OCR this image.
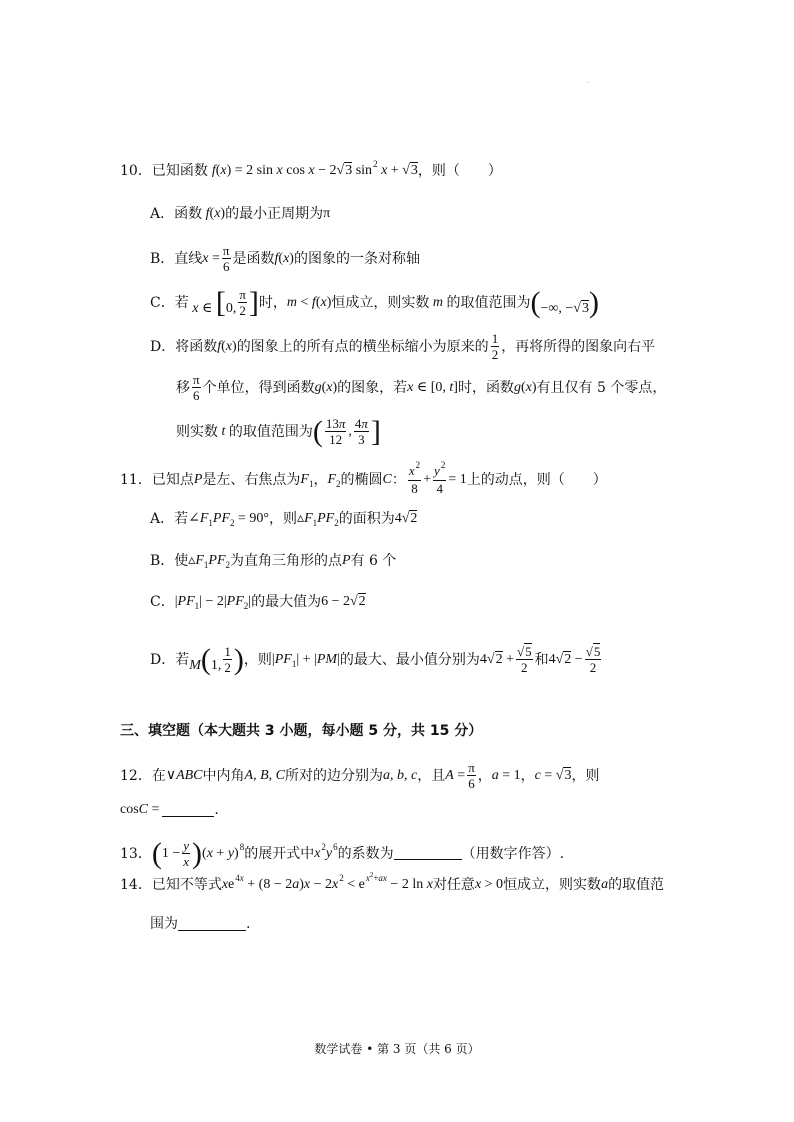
10． 已知函数 f(x) = 2 sin x cos x − 2√3 $\sin^2 x + √3$ ，则（　　）
A． 函数 f(x) 的最小正周期为 π
B． 直线 $x = \frac{\pi}{6}$ 是函数 f(x) 的图象的一条对称轴
C． 若 x ∈ [0, $\frac{\pi}{2}$ ] 时， m < f(x) 恒成立，则实数 m 的取值范围为 (−∞, −√3)
D． 将函数 f(x) 的图象上的所有点的横坐标缩小为原来的 $\frac{1}{2}$ ，再将所得的图象向右平
移 $\frac{\pi}{6}$ 个单位，得到函数 g(x) 的图象，若 x ∈ [0, t] 时，函数 g(x) 有且仅有 5 个零点，
则实数 t 的取值范围为 ( $\frac{13\pi}{12}$ , $\frac{4\pi}{3}$ ]
11． 已知点 P 是左、右焦点为 $F_1$ ， $F_2$ 的椭圆 C ： $\frac{x^2}{8} + \frac{y^2}{4} = 1$ 上的动点，则（　　）
A． 若 $\angle F_1PF_2 = 90^\circ$ ，则 $▵F_1PF_2$ 的面积为 4√2
B． 使 $▵F_1PF_2$ 为直角三角形的点 P 有 6 个
C． $|PF_1| - 2|PF_2|$ 的最大值为 6 − 2√2
D． 若 M(1, $\frac{1}{2}$ ) ，则 $|PF_1| + |PM|$ 的最大、最小值分别为 $4√2 + \frac{√5}{2}$ 和 $4√2 - \frac{√5}{2}$
三、填空题（本大题共 3 小题，每小题 5 分，共 15 分）
12． 在 ∨ABC 中内角 A, B, C 所对的边分别为 a, b, c ，且 $A = \frac{\pi}{6}$ ， a = 1 ， c = √3 ，则
cosC =	.
13． ( $1 - \frac{y}{x}$ ) $(x + y)^8$ 的展开式中 $x^2y^6$ 的系数为	（用数字作答）.
14． 已知不等式 $xe^{4x} + (8 - 2a)x - 2x^2 < e^{x^2+ax} - 2$ ln x 对任意 x > 0 恒成立，则实数 a 的取值范
围为	.
数学试卷 • 第 3 页（共 6 页）
